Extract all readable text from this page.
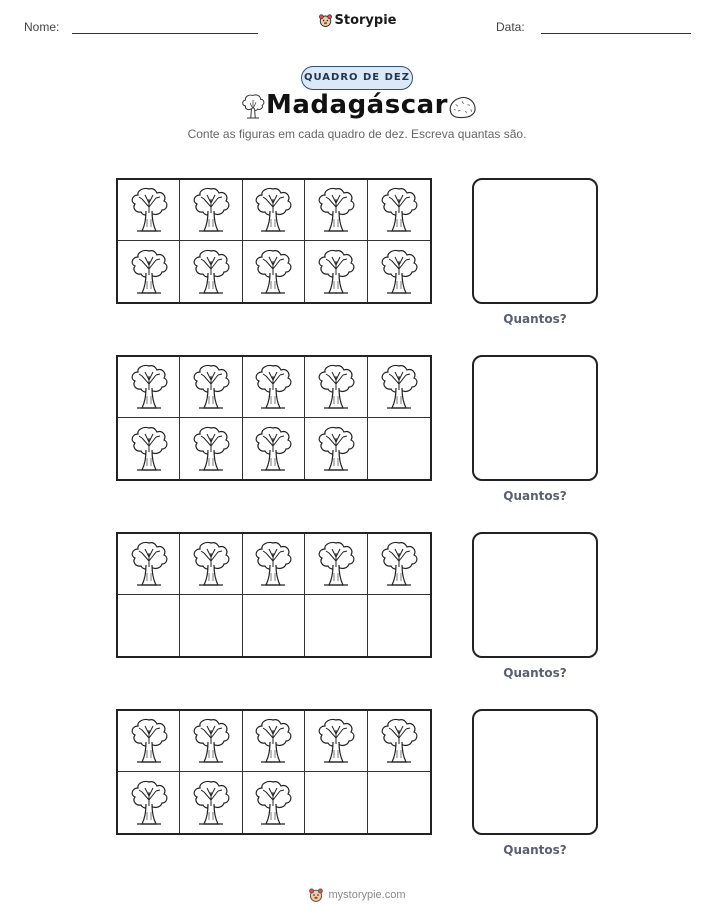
Nome:	Storypie	Data:
QUADRO DE DEZ
Madagáscar
Conte as figuras em cada quadro de dez. Escreva quantas são.
Quantos?
Quantos?
Quantos?
Quantos?
mystorypie.com
